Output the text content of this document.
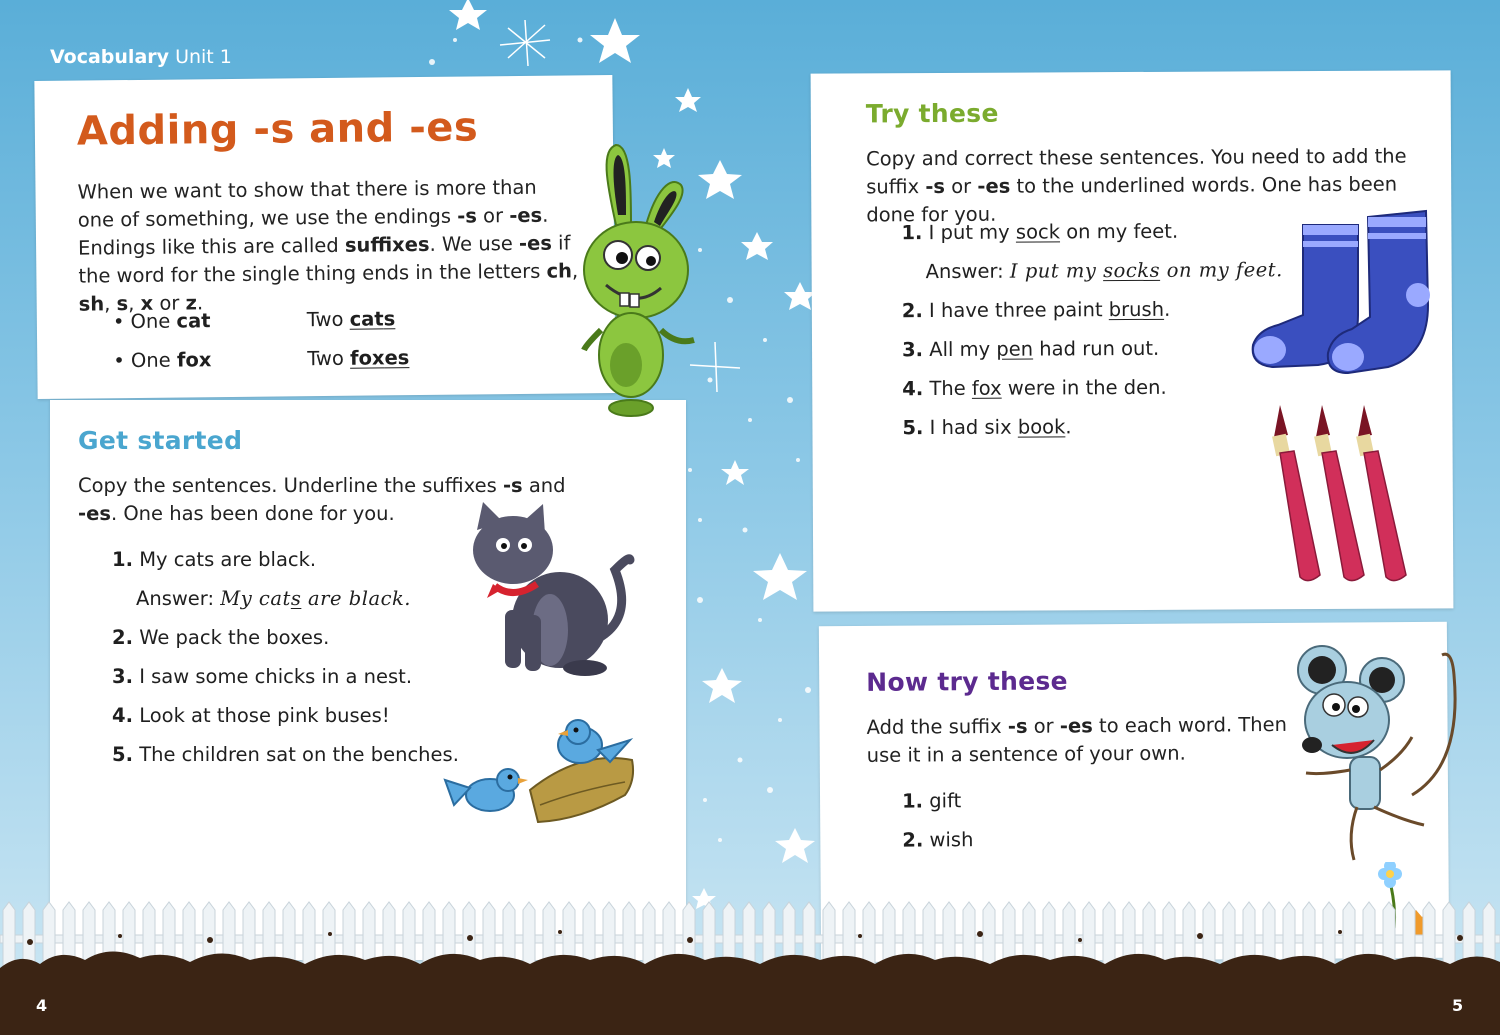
Vocabulary Unit 1
Adding -s and -es
When we want to show that there is more than one of something, we use the endings -s or -es. Endings like this are called suffixes. We use -es if the word for the single thing ends in the letters ch, sh, s, x or z.
• One cat	Two cats
• One fox	Two foxes
Get started
Copy the sentences. Underline the suffixes -s and -es. One has been done for you.
1. My cats are black.
Answer: My cats are black.
2. We pack the boxes.
3. I saw some chicks in a nest.
4. Look at those pink buses!
5. The children sat on the benches.
Try these
Copy and correct these sentences. You need to add the suffix -s or -es to the underlined words. One has been done for you.
1. I put my sock on my feet.
Answer: I put my socks on my feet.
2. I have three paint brush.
3. All my pen had run out.
4. The fox were in the den.
5. I had six book.
Now try these
Add the suffix -s or -es to each word. Then use it in a sentence of your own.
1. gift
2. wish
4	5
